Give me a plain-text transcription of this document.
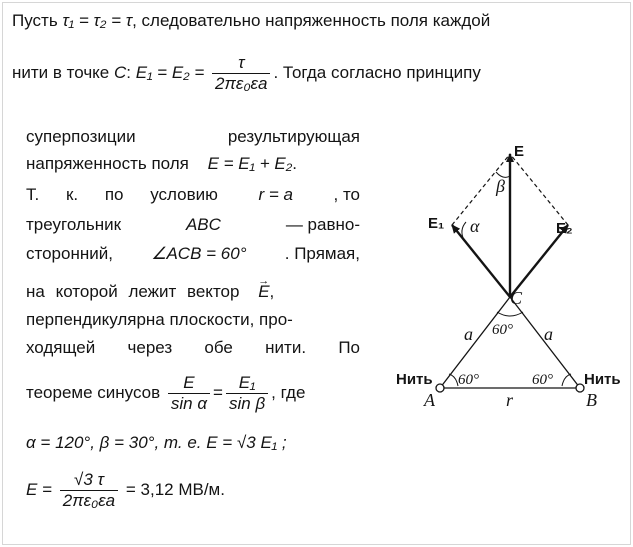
Пусть τ₁ = τ₂ = τ, следовательно напряженность поля каждой
нити в точке C: $E_1 = E_2 = \frac{\tau}{\text{2πε₀εa}}$ . Тогда согласно принципу
суперпозиции результирующая
напряженность поля E = E₁ + E₂.
Т. к. по условию r = a , то
треугольник	ABC	— равно-
сторонний, ∠ACB = 60° . Прямая,
на которой лежит вектор → E,
перпендикулярна плоскости, про-
ходящей через обе нити. По
теореме синусов $\frac{E}{\text{sin α}} = \frac{\text{E₁}}{\text{sin β}}$ , где
α = 120°, β = 30°, т. е. E = √3 E₁ ;
$E = \frac{√3 \tau}{\text{2πε₀εa}} = 3,12$ МВ/м.
E
E₁	E₂
α
β
C
a	a
60°
60°	60°
Нить	Нить
A	B
r
